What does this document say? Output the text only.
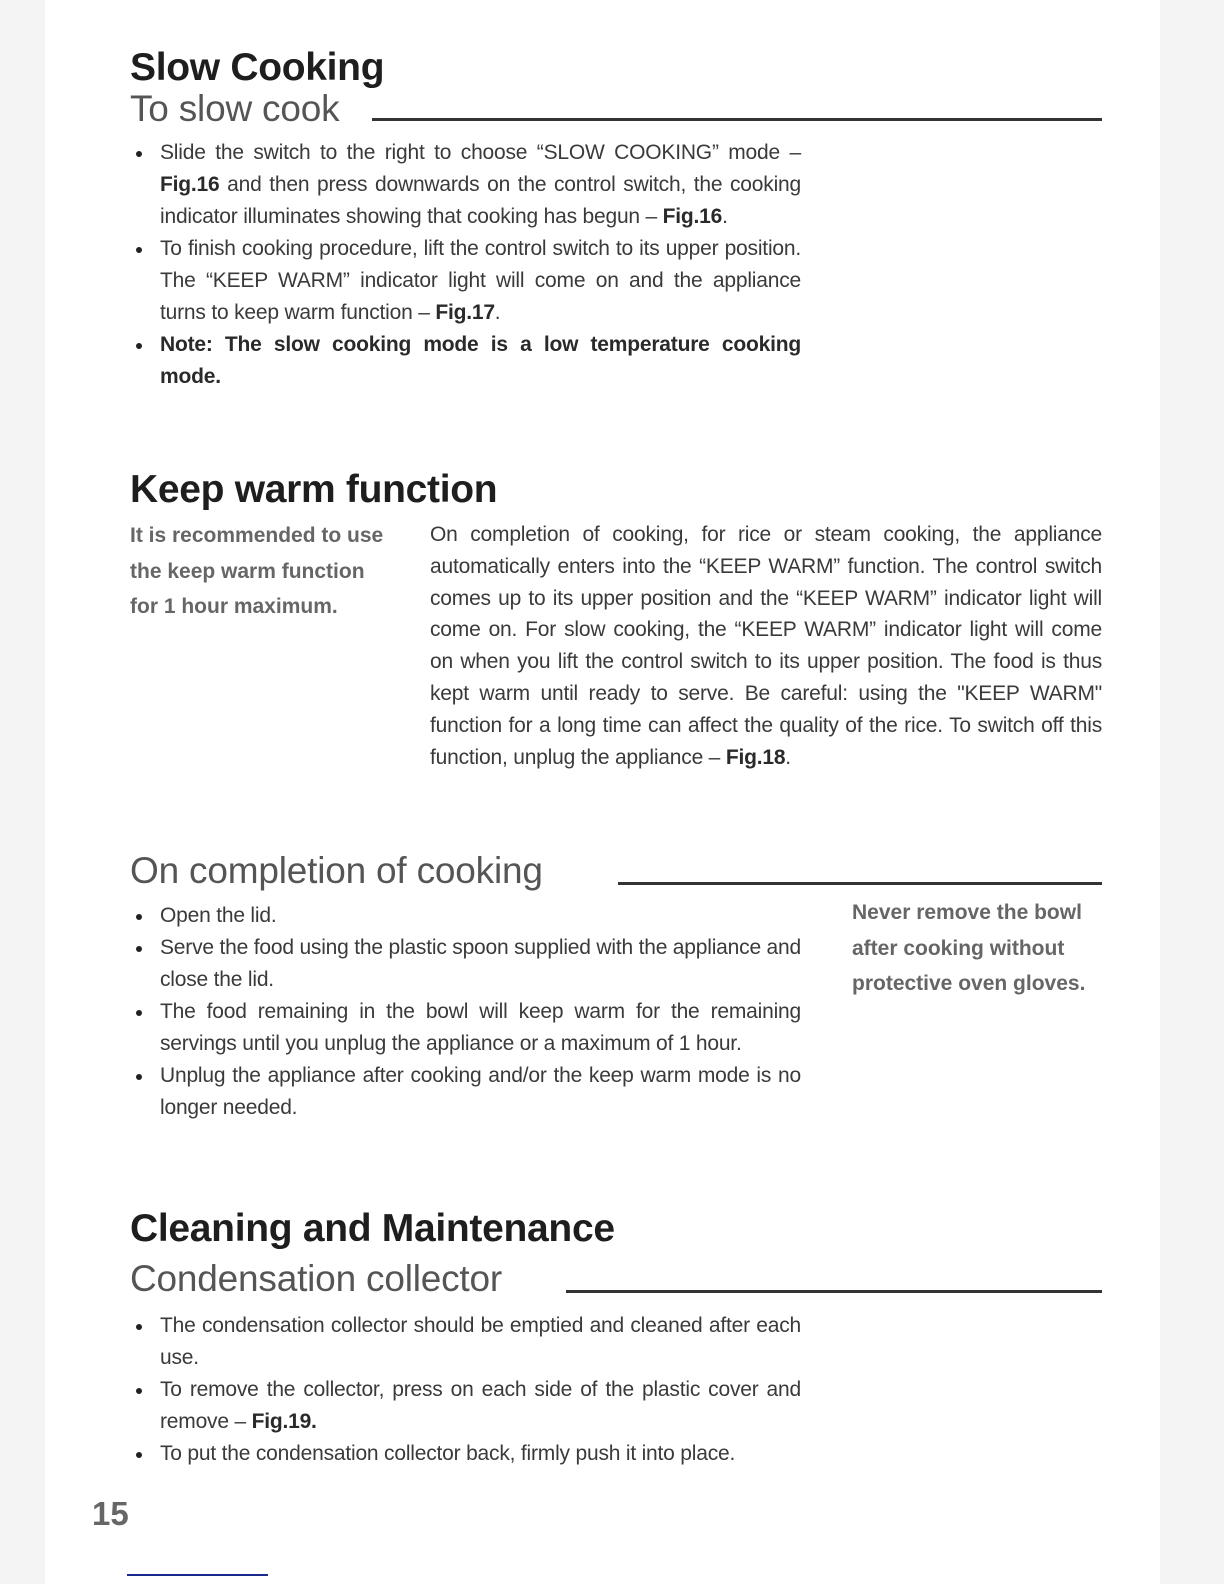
Slow Cooking
To slow cook
Slide the switch to the right to choose “SLOW COOKING” mode – Fig.16 and then press downwards on the control switch, the cooking indicator illuminates showing that cooking has begun – Fig.16.
To finish cooking procedure, lift the control switch to its upper position. The “KEEP WARM” indicator light will come on and the appliance turns to keep warm function – Fig.17.
Note: The slow cooking mode is a low temperature cooking mode.
Keep warm function
It is recommended to use the keep warm function for 1 hour maximum.
On completion of cooking, for rice or steam cooking, the appliance automatically enters into the “KEEP WARM” function. The control switch comes up to its upper position and the “KEEP WARM” indicator light will come on. For slow cooking, the “KEEP WARM” indicator light will come on when you lift the control switch to its upper position. The food is thus kept warm until ready to serve. Be careful: using the "KEEP WARM" function for a long time can affect the quality of the rice. To switch off this function, unplug the appliance – Fig.18.
On completion of cooking
Open the lid.
Serve the food using the plastic spoon supplied with the appliance and close the lid.
The food remaining in the bowl will keep warm for the remaining servings until you unplug the appliance or a maximum of 1 hour.
Unplug the appliance after cooking and/or the keep warm mode is no longer needed.
Never remove the bowl after cooking without protective oven gloves.
Cleaning and Maintenance
Condensation collector
The condensation collector should be emptied and cleaned after each use.
To remove the collector, press on each side of the plastic cover and remove – Fig.19.
To put the condensation collector back, firmly push it into place.
15
